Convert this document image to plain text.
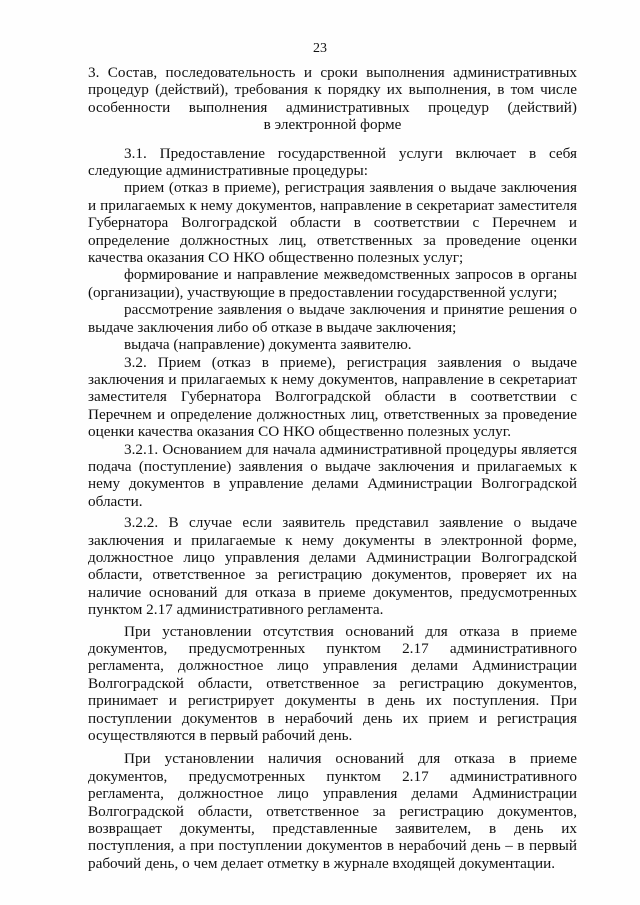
23
3. Состав, последовательность и сроки выполнения административных
процедур (действий), требования к порядку их выполнения, в том числе
особенности выполнения административных процедур (действий)
в электронной форме

3.1. Предоставление государственной услуги включает в себя следующие административные процедуры:

прием (отказ в приеме), регистрация заявления о выдаче заключения и прилагаемых к нему документов, направление в секретариат заместителя Губернатора Волгоградской области в соответствии с Перечнем и определение должностных лиц, ответственных за проведение оценки качества оказания СО НКО общественно полезных услуг;

формирование и направление межведомственных запросов в органы (организации), участвующие в предоставлении государственной услуги;

рассмотрение заявления о выдаче заключения и принятие решения о выдаче заключения либо об отказе в выдаче заключения;

выдача (направление) документа заявителю.

3.2. Прием (отказ в приеме), регистрация заявления о выдаче заключения и прилагаемых к нему документов, направление в секретариат заместителя Губернатора Волгоградской области в соответствии с Перечнем и определение должностных лиц, ответственных за проведение оценки качества оказания СО НКО общественно полезных услуг.

3.2.1. Основанием для начала административной процедуры является подача (поступление) заявления о выдаче заключения и прилагаемых к нему документов в управление делами Администрации Волгоградской области.

3.2.2. В случае если заявитель представил заявление о выдаче заключения и прилагаемые к нему документы в электронной форме, должностное лицо управления делами Администрации Волгоградской области, ответственное за регистрацию документов, проверяет их на наличие оснований для отказа в приеме документов, предусмотренных пунктом 2.17 административного регламента.

При установлении отсутствия оснований для отказа в приеме документов, предусмотренных пунктом 2.17 административного регламента, должностное лицо управления делами Администрации Волгоградской области, ответственное за регистрацию документов, принимает и регистрирует документы в день их поступления. При поступлении документов в нерабочий день их прием и регистрация осуществляются в первый рабочий день.

При установлении наличия оснований для отказа в приеме документов, предусмотренных пунктом 2.17 административного регламента, должностное лицо управления делами Администрации Волгоградской области, ответственное за регистрацию документов, возвращает документы, представленные заявителем, в день их поступления, а при поступлении документов в нерабочий день – в первый рабочий день, о чем делает отметку в журнале входящей документации.
